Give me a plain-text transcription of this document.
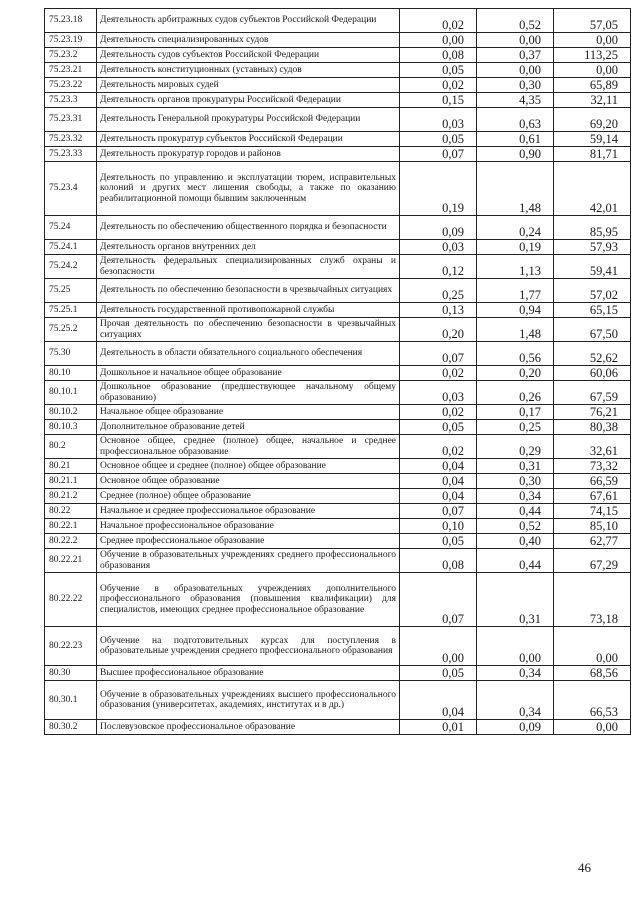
75.23.18	Деятельность арбитражных судов субъектов Российской Федерации	0,02	0,52	57,05
75.23.19	Деятельность специализированных судов	0,00	0,00	0,00
75.23.2	Деятельность судов субъектов Российской Федерации	0,08	0,37	113,25
75.23.21	Деятельность конституционных (уставных) судов	0,05	0,00	0,00
75.23.22	Деятельность мировых судей	0,02	0,30	65,89
75.23.3	Деятельность органов прокуратуры Российской Федерации	0,15	4,35	32,11
75.23.31	Деятельность Генеральной прокуратуры Российской Федерации	0,03	0,63	69,20
75.23.32	Деятельность прокуратур субъектов Российской Федерации	0,05	0,61	59,14
75.23.33	Деятельность прокуратур городов и районов	0,07	0,90	81,71
75.23.4	Деятельность по управлению и эксплуатации тюрем, исправительных колоний и других мест лишения свободы, а также по оказанию реабилитационной помощи бывшим заключенным	0,19	1,48	42,01
75.24	Деятельность по обеспечению общественного порядка и безопасности	0,09	0,24	85,95
75.24.1	Деятельность органов внутренних дел	0,03	0,19	57,93
75.24.2	Деятельность федеральных специализированных служб охраны и безопасности	0,12	1,13	59,41
75.25	Деятельность по обеспечению безопасности в чрезвычайных ситуациях	0,25	1,77	57,02
75.25.1	Деятельность государственной противопожарной службы	0,13	0,94	65,15
75.25.2	Прочая деятельность по обеспечению безопасности в чрезвычайных ситуациях	0,20	1,48	67,50
75.30	Деятельность в области обязательного социального обеспечения	0,07	0,56	52,62
80.10	Дошкольное и начальное общее образование	0,02	0,20	60,06
80.10.1	Дошкольное образование (предшествующее начальному общему образованию)	0,03	0,26	67,59
80.10.2	Начальное общее образование	0,02	0,17	76,21
80.10.3	Дополнительное образование детей	0,05	0,25	80,38
80.2	Основное общее, среднее (полное) общее, начальное и среднее профессиональное образование	0,02	0,29	32,61
80.21	Основное общее и среднее (полное) общее образование	0,04	0,31	73,32
80.21.1	Основное общее образование	0,04	0,30	66,59
80.21.2	Среднее (полное) общее образование	0,04	0,34	67,61
80.22	Начальное и среднее профессиональное образование	0,07	0,44	74,15
80.22.1	Начальное профессиональное образование	0,10	0,52	85,10
80.22.2	Среднее профессиональное образование	0,05	0,40	62,77
80.22.21	Обучение в образовательных учреждениях среднего профессионального образования	0,08	0,44	67,29
80.22.22	Обучение в образовательных учреждениях дополнительного профессионального образования (повышения квалификации) для специалистов, имеющих среднее профессиональное образование	0,07	0,31	73,18
80.22.23	Обучение на подготовительных курсах для поступления в образовательные учреждения среднего профессионального образования	0,00	0,00	0,00
80.30	Высшее профессиональное образование	0,05	0,34	68,56
80.30.1	Обучение в образовательных учреждениях высшего профессионального образования (университетах, академиях, институтах и в др.)	0,04	0,34	66,53
80.30.2	Послевузовское профессиональное образование	0,01	0,09	0,00
46
